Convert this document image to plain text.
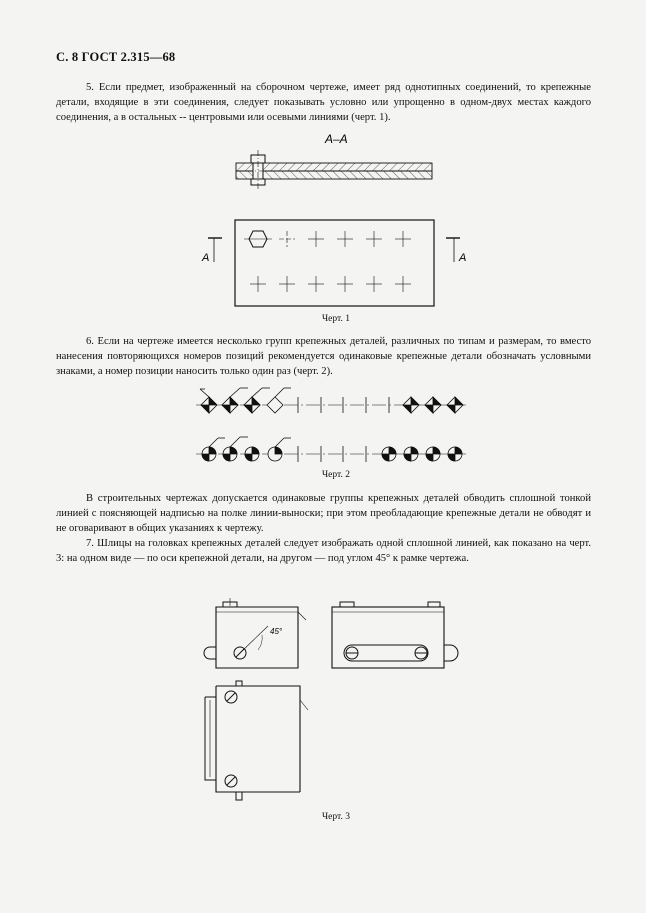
С. 8 ГОСТ 2.315—68
5. Если предмет, изображенный на сборочном чертеже, имеет ряд однотипных соединений, то крепежные детали, входящие в эти соединения, следует показывать условно или упрощенно в одном-двух местах каждого соединения, а в остальных -- центровыми или осевыми линиями (черт. 1).
А–А
А	А
Черт. 1
6. Если на чертеже имеется несколько групп крепежных деталей, различных по типам и размерам, то вместо нанесения повторяющихся номеров позиций рекомендуется одинаковые крепежные детали обозначать условными знаками, а номер позиции наносить только один раз (черт. 2).
Черт. 2
В строительных чертежах допускается одинаковые группы крепежных деталей обводить сплошной тонкой линией с поясняющей надписью на полке линии-выноски; при этом преобладающие крепежные детали не обводят и не оговаривают в общих указаниях к чертежу.
7. Шлицы на головках крепежных деталей следует изображать одной сплошной линией, как показано на черт. 3: на одном виде — по оси крепежной детали, на другом — под углом 45° к рамке чертежа.
45°
Черт. 3
